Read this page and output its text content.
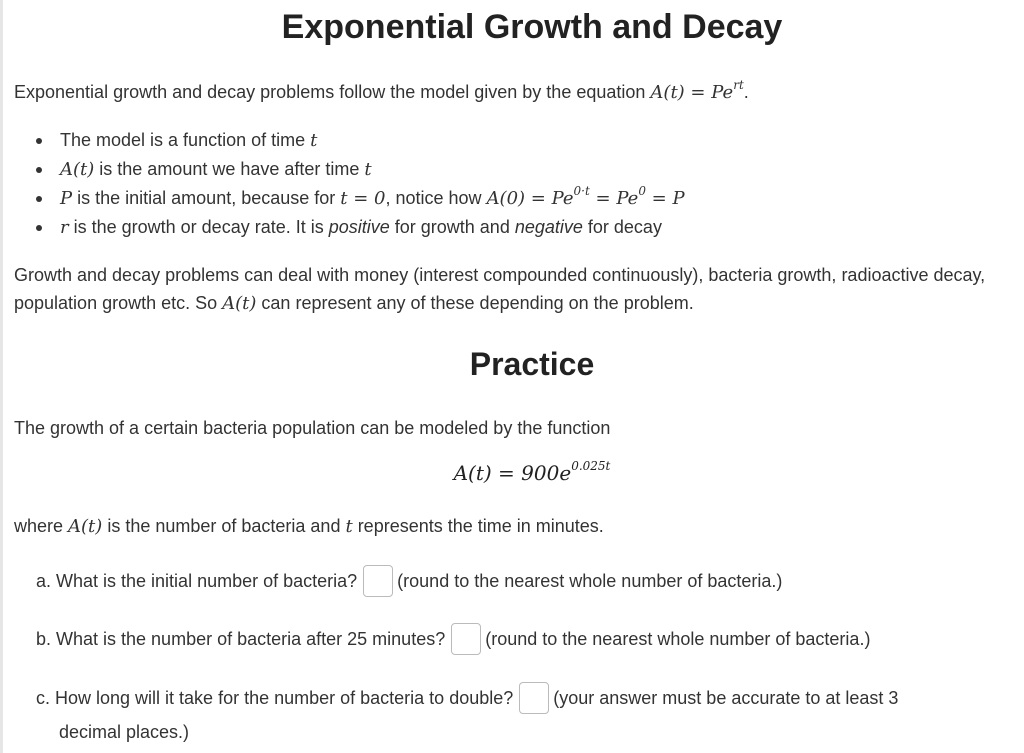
Exponential Growth and Decay
Exponential growth and decay problems follow the model given by the equation $A(t) = Pe^{rt}$.
The model is a function of time t
A(t) is the amount we have after time t
P is the initial amount, because for t = 0, notice how $A(0) = Pe^{0\cdot t} = Pe^0 = P$
r is the growth or decay rate. It is positive for growth and negative for decay
Growth and decay problems can deal with money (interest compounded continuously), bacteria growth, radioactive decay, population growth etc. So A(t) can represent any of these depending on the problem.
Practice
The growth of a certain bacteria population can be modeled by the function
$A(t) = 900e^{0.025t}$
where A(t) is the number of bacteria and t represents the time in minutes.
a. What is the initial number of bacteria? (round to the nearest whole number of bacteria.)
b. What is the number of bacteria after 25 minutes? (round to the nearest whole number of bacteria.)
c. How long will it take for the number of bacteria to double? (your answer must be accurate to at least 3
decimal places.)
